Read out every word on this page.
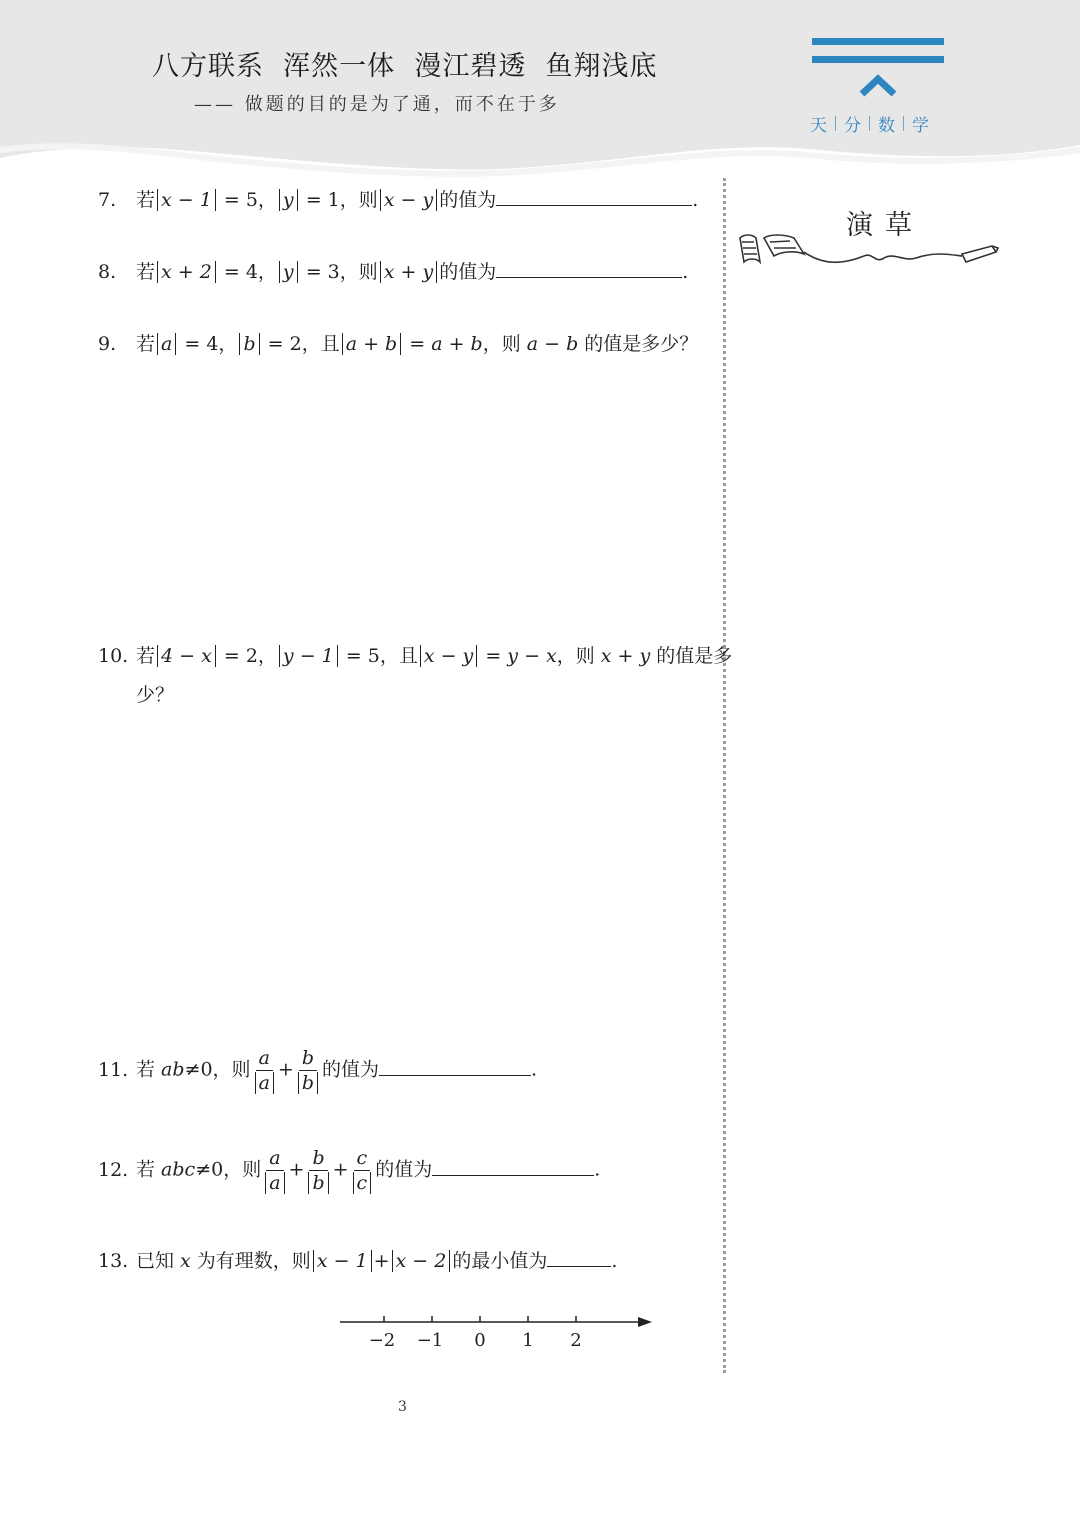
八方联系  浑然一体  漫江碧透  鱼翔浅底
—— 做题的目的是为了通，而不在于多
天 分 数 学
演草
7. 若 x − 1 = 5， y = 1，则 x − y 的值为	.
8. 若 x + 2 = 4， y = 3，则 x + y 的值为	.
9. 若 a = 4， b = 2，且 a + b = a + b，则 a − b 的值是多少？
10. 若 4 − x = 2， y − 1 = 5，且 x − y = y − x，则 x + y 的值是多
少？
11. 若 ab≠0，则 $\frac{a}{a} + \frac{b}{b}$ 的值为	.
12. 若 abc≠0，则 $\frac{a}{a} + \frac{b}{b} + \frac{c}{c}$ 的值为	.
13. 已知 x 为有理数，则 x − 1 + x − 2 的最小值为	.
−2 −1 0 1 2
3
